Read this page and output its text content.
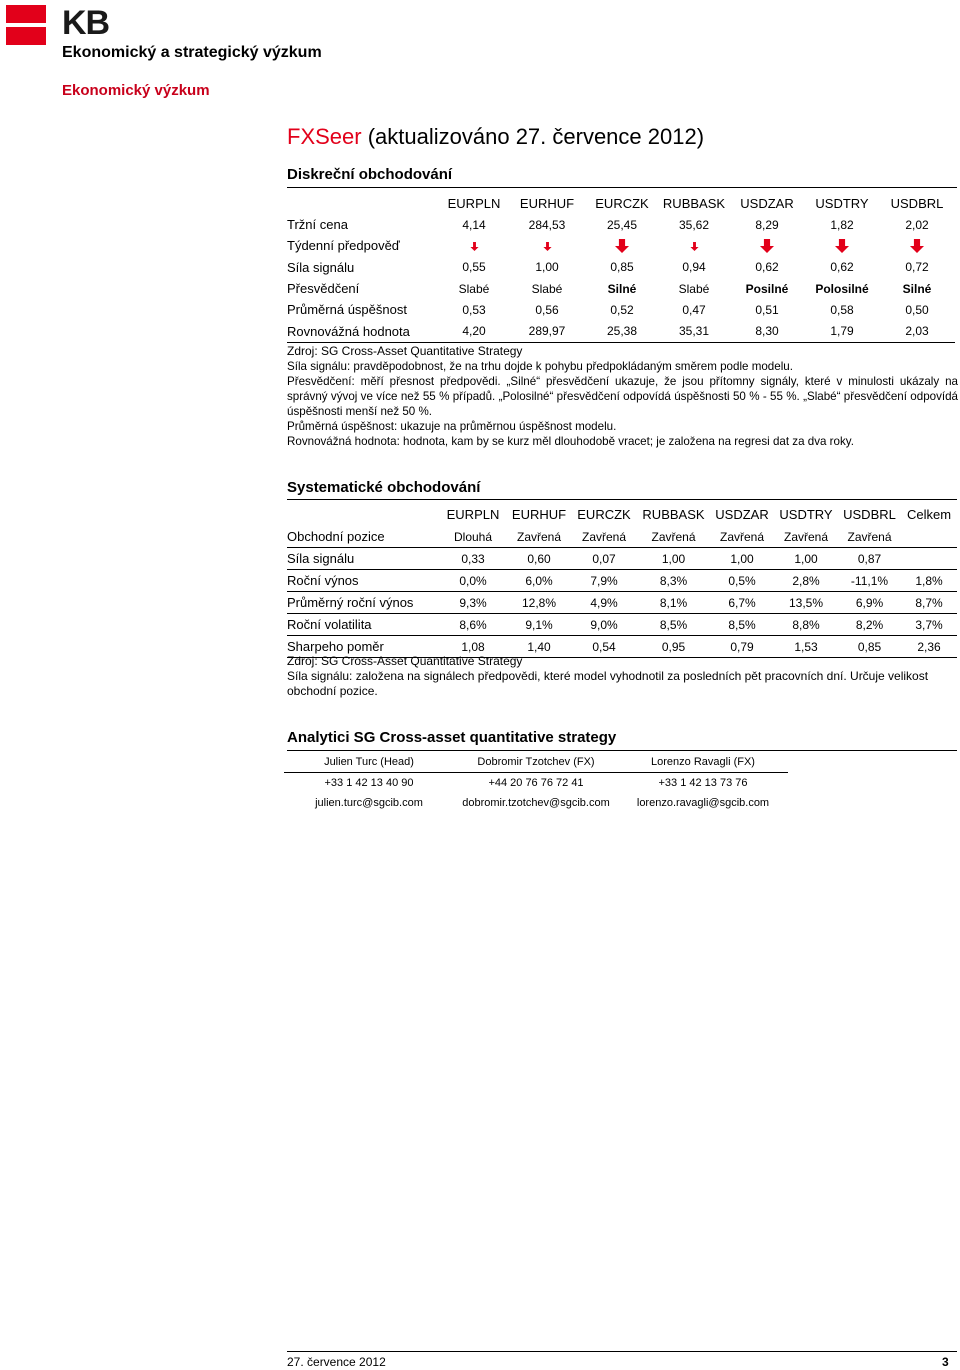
KB
Ekonomický a strategický výzkum
Ekonomický výzkum
FXSeer (aktualizováno 27. července 2012)
Diskreční obchodování
	EURPLN	EURHUF	EURCZK	RUBBASK	USDZAR	USDTRY	USDBRL
Tržní cena	4,14	284,53	25,45	35,62	8,29	1,82	2,02
Týdenní předpověď							
Síla signálu	0,55	1,00	0,85	0,94	0,62	0,62	0,72
Přesvědčení	Slabé	Slabé	Silné	Slabé	Posilné	Polosilné	Silné
Průměrná úspěšnost	0,53	0,56	0,52	0,47	0,51	0,58	0,50
Rovnovážná hodnota	4,20	289,97	25,38	35,31	8,30	1,79	2,03
Zdroj: SG Cross-Asset Quantitative Strategy
Síla signálu: pravděpodobnost, že na trhu dojde k pohybu předpokládaným směrem podle modelu.
Přesvědčení: měří přesnost předpovědi. „Silné“ přesvědčení ukazuje, že jsou přítomny signály, které v minulosti ukázaly na správný vývoj ve více než 55 % případů. „Polosilné“ přesvědčení odpovídá úspěšnosti 50 % - 55 %. „Slabé“ přesvědčení odpovídá úspěšnosti menší než 50 %.
Průměrná úspěšnost: ukazuje na průměrnou úspěšnost modelu.
Rovnovážná hodnota: hodnota, kam by se kurz měl dlouhodobě vracet; je založena na regresi dat za dva roky.
Systematické obchodování
	EURPLN	EURHUF	EURCZK	RUBBASK	USDZAR	USDTRY	USDBRL	Celkem
Obchodní pozice	Dlouhá	Zavřená	Zavřená	Zavřená	Zavřená	Zavřená	Zavřená	
Síla signálu	0,33	0,60	0,07	1,00	1,00	1,00	0,87	
Roční výnos	0,0%	6,0%	7,9%	8,3%	0,5%	2,8%	-11,1%	1,8%
Průměrný roční výnos	9,3%	12,8%	4,9%	8,1%	6,7%	13,5%	6,9%	8,7%
Roční volatilita	8,6%	9,1%	9,0%	8,5%	8,5%	8,8%	8,2%	3,7%
Sharpeho poměr	1,08	1,40	0,54	0,95	0,79	1,53	0,85	2,36
Zdroj: SG Cross-Asset Quantitative Strategy
Síla signálu: založena na signálech předpovědi, které model vyhodnotil za posledních pět pracovních dní. Určuje velikost obchodní pozice.
Analytici SG Cross-asset quantitative strategy
Julien Turc (Head)
+33 1 42 13 40 90
julien.turc@sgcib.com
Dobromir Tzotchev (FX)
+44 20 76 76 72 41
dobromir.tzotchev@sgcib.com
Lorenzo Ravagli (FX)
+33 1 42 13 73 76
lorenzo.ravagli@sgcib.com
27. července 2012	3
